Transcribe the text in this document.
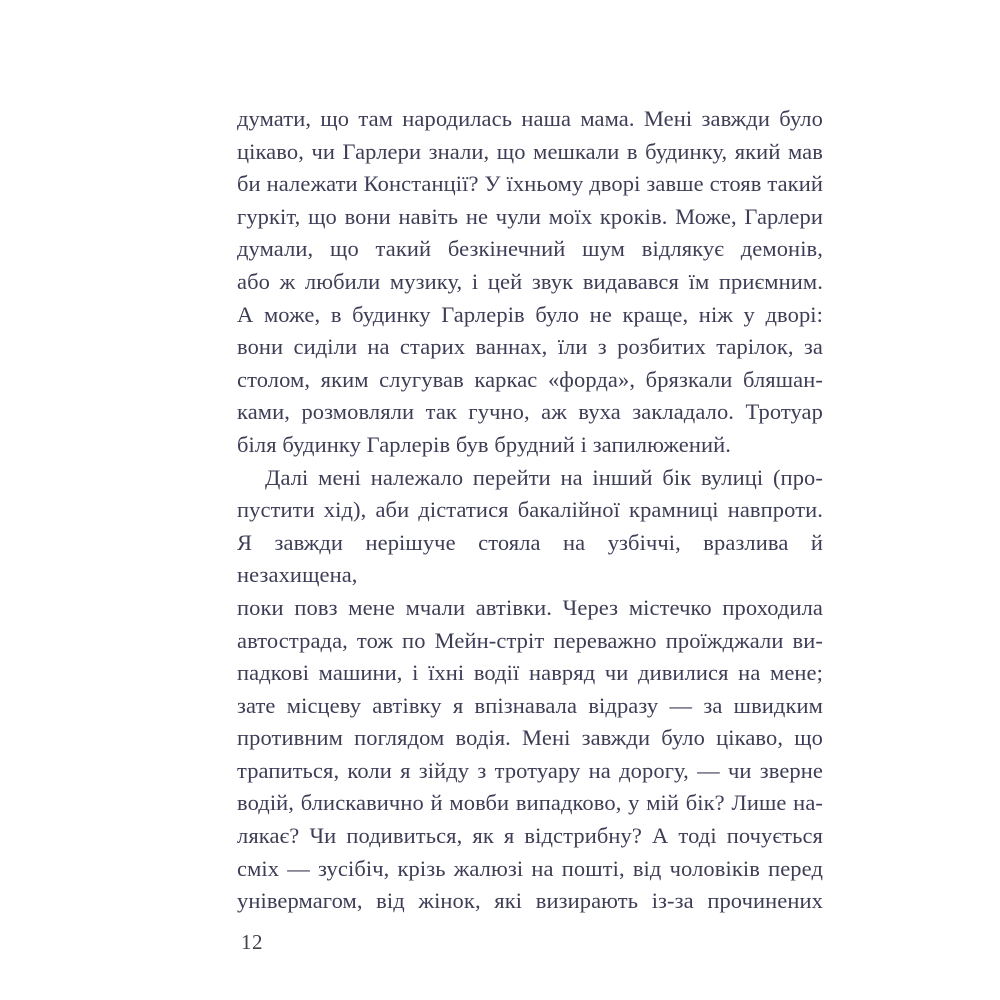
думати, що там народилась наша мама. Мені завжди було
цікаво, чи Гарлери знали, що мешкали в будинку, який мав
би належати Констанції? У їхньому дворі завше стояв такий
гуркіт, що вони навіть не чули моїх кроків. Може, Гарлери
думали, що такий безкінечний шум відлякує демонів,
або ж любили музику, і цей звук видавався їм приємним.
А може, в будинку Гарлерів було не краще, ніж у дворі:
вони сиділи на старих ваннах, їли з розбитих тарілок, за
столом, яким слугував каркас «форда», брязкали бляшан-
ками, розмовляли так гучно, аж вуха закладало. Тротуар
біля будинку Гарлерів був брудний і запилюжений.
Далі мені належало перейти на інший бік вулиці (про-
пустити хід), аби дістатися бакалійної крамниці навпроти.
Я завжди нерішуче стояла на узбіччі, вразлива й незахищена,
поки повз мене мчали автівки. Через містечко проходила
автострада, тож по Мейн-стріт переважно проїжджали ви-
падкові машини, і їхні водії навряд чи дивилися на мене;
зате місцеву автівку я впізнавала відразу — за швидким
противним поглядом водія. Мені завжди було цікаво, що
трапиться, коли я зійду з тротуару на дорогу, — чи зверне
водій, блискавично й мовби випадково, у мій бік? Лише на-
лякає? Чи подивиться, як я відстрибну? А тоді почується
сміх — зусібіч, крізь жалюзі на пошті, від чоловіків перед
універмагом, від жінок, які визирають із-за прочинених
12
